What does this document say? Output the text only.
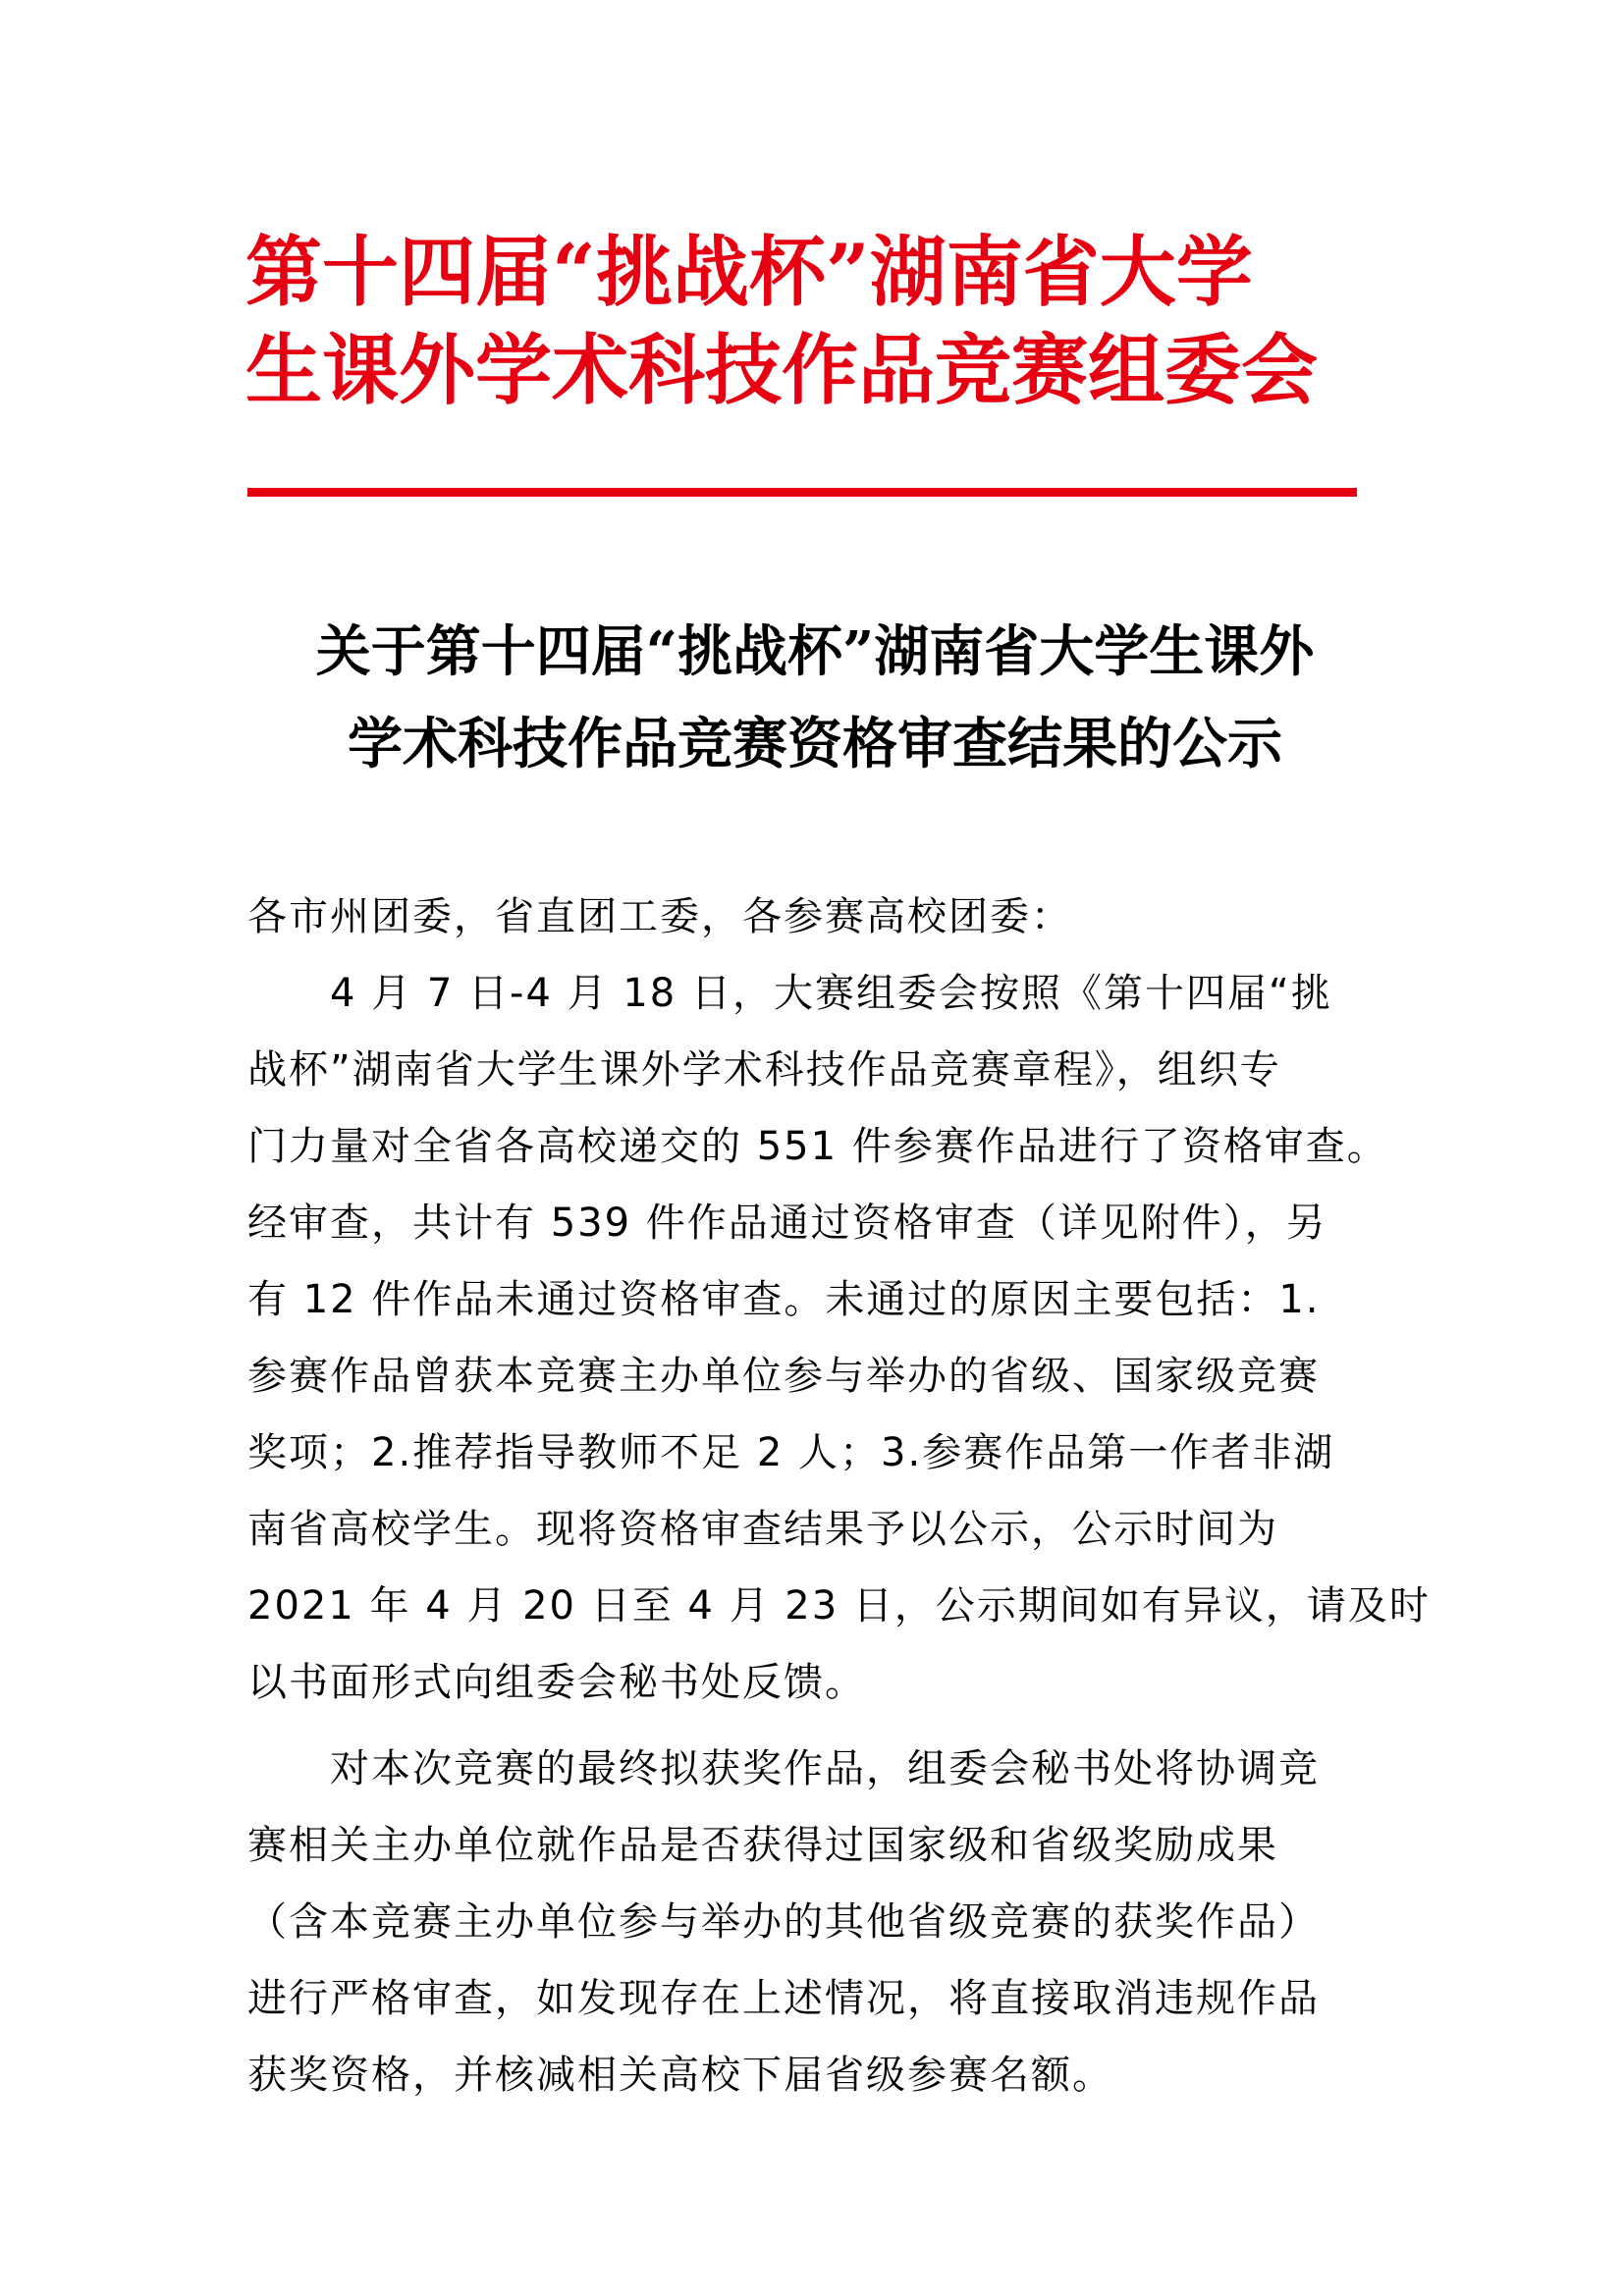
第十四届“挑战杯”湖南省大学
生课外学术科技作品竞赛组委会
关于第十四届“挑战杯”湖南省大学生课外
学术科技作品竞赛资格审查结果的公示

各市州团委，省直团工委，各参赛高校团委：

4 月 7 日-4 月 18 日，大赛组委会按照《第十四届“挑
战杯”湖南省大学生课外学术科技作品竞赛章程》，组织专
门力量对全省各高校递交的 551 件参赛作品进行了资格审查。
经审查，共计有 539 件作品通过资格审查（详见附件），另
有 12 件作品未通过资格审查。未通过的原因主要包括：1.
参赛作品曾获本竞赛主办单位参与举办的省级、国家级竞赛
奖项；2.推荐指导教师不足 2 人；3.参赛作品第一作者非湖
南省高校学生。现将资格审查结果予以公示，公示时间为
2021 年 4 月 20 日至 4 月 23 日，公示期间如有异议，请及时
以书面形式向组委会秘书处反馈。

对本次竞赛的最终拟获奖作品，组委会秘书处将协调竞
赛相关主办单位就作品是否获得过国家级和省级奖励成果
（含本竞赛主办单位参与举办的其他省级竞赛的获奖作品）
进行严格审查，如发现存在上述情况，将直接取消违规作品
获奖资格，并核减相关高校下届省级参赛名额。
